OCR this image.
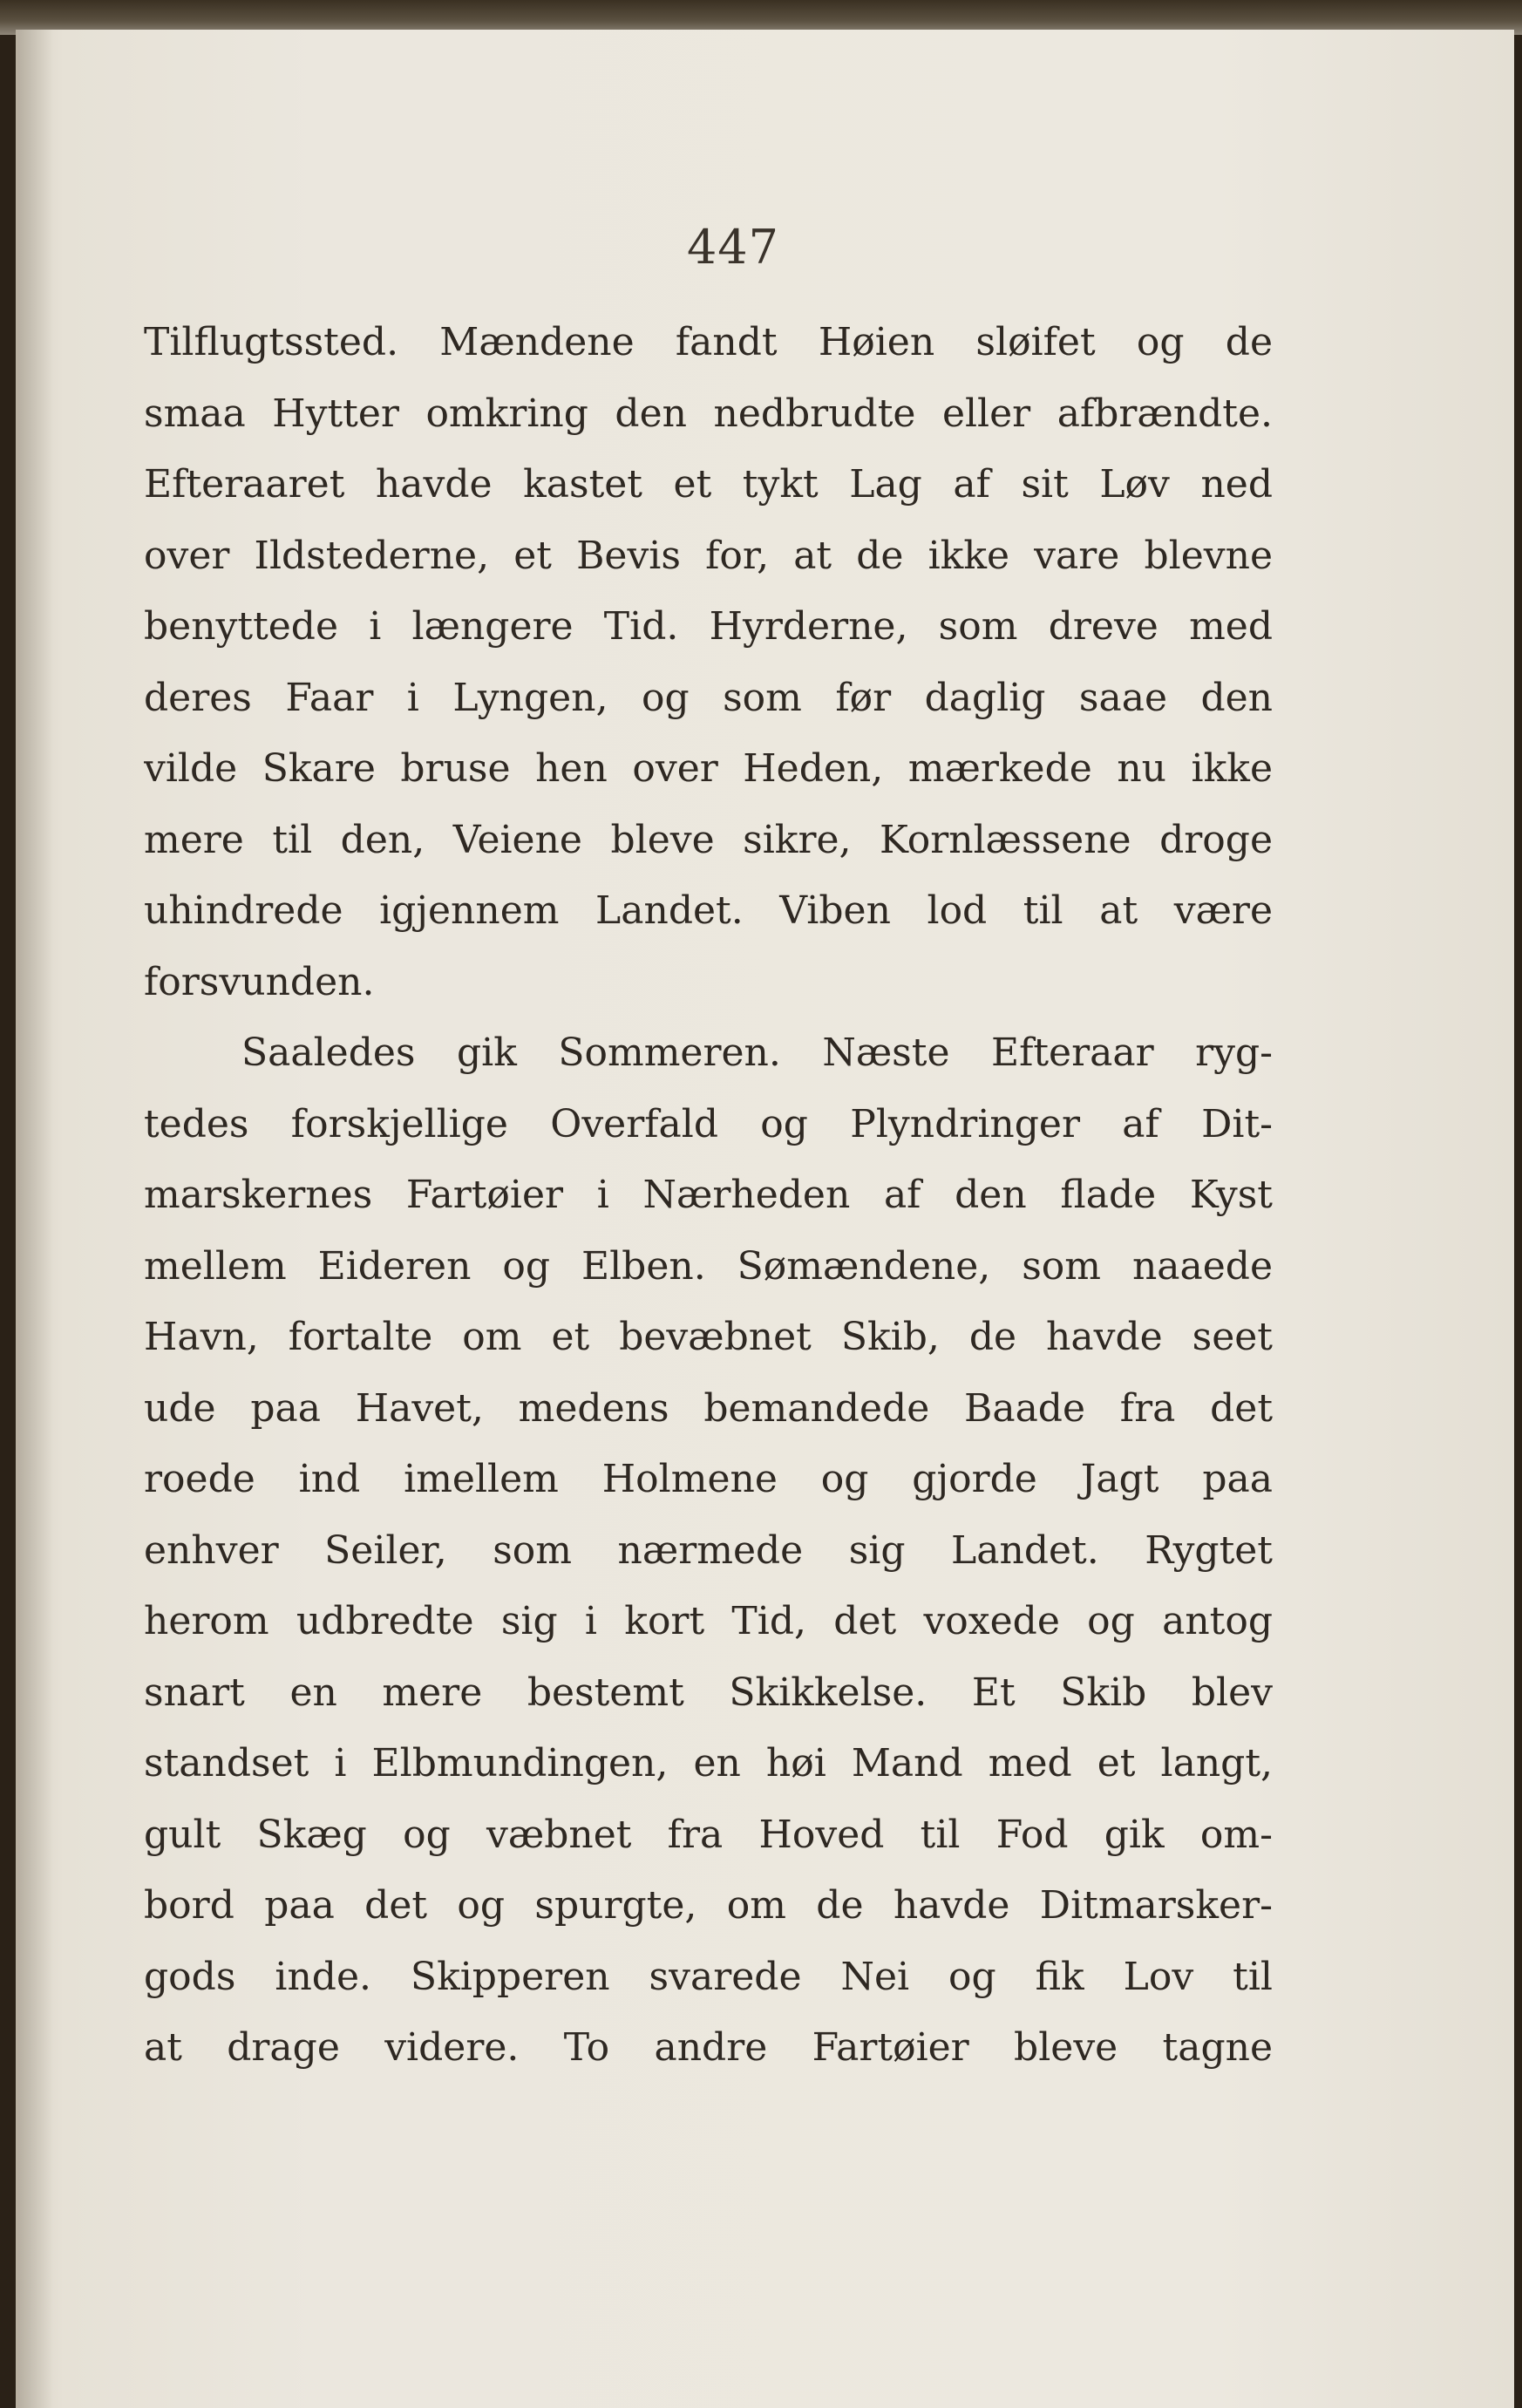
447
Tilflugtssted. Mændene fandt Høien sløifet og de
smaa Hytter omkring den nedbrudte eller afbrændte.
Efteraaret havde kastet et tykt Lag af sit Løv ned
over Ildstederne, et Bevis for, at de ikke vare blevne
benyttede i længere Tid. Hyrderne, som dreve med
deres Faar i Lyngen, og som før daglig saae den
vilde Skare bruse hen over Heden, mærkede nu ikke
mere til den, Veiene bleve sikre, Kornlæssene droge
uhindrede igjennem Landet. Viben lod til at være
forsvunden.
Saaledes gik Sommeren. Næste Efteraar ryg-
tedes forskjellige Overfald og Plyndringer af Dit-
marskernes Fartøier i Nærheden af den flade Kyst
mellem Eideren og Elben. Sømændene, som naaede
Havn, fortalte om et bevæbnet Skib, de havde seet
ude paa Havet, medens bemandede Baade fra det
roede ind imellem Holmene og gjorde Jagt paa
enhver Seiler, som nærmede sig Landet. Rygtet
herom udbredte sig i kort Tid, det voxede og antog
snart en mere bestemt Skikkelse. Et Skib blev
standset i Elbmundingen, en høi Mand med et langt,
gult Skæg og væbnet fra Hoved til Fod gik om-
bord paa det og spurgte, om de havde Ditmarsker-
gods inde. Skipperen svarede Nei og fik Lov til
at drage videre. To andre Fartøier bleve tagne
